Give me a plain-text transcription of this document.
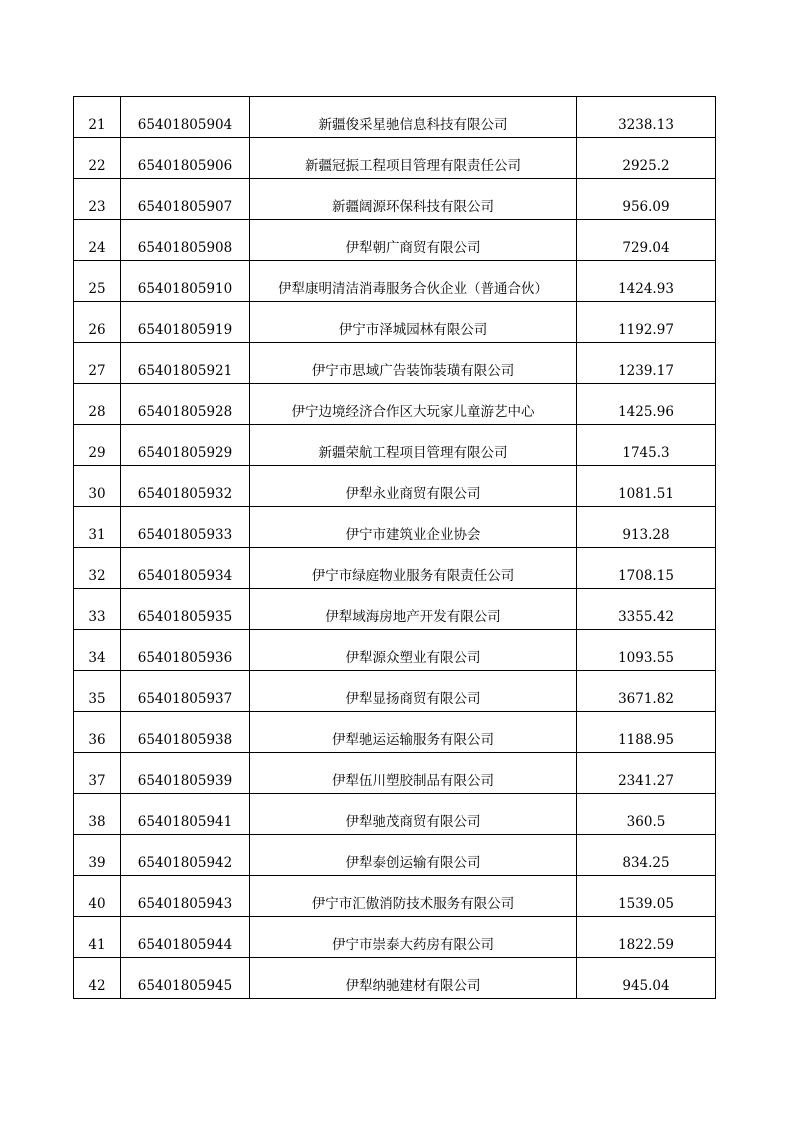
21	65401805904	新疆俊采星驰信息科技有限公司	3238.13
22	65401805906	新疆冠振工程项目管理有限责任公司	2925.2
23	65401805907	新疆阔源环保科技有限公司	956.09
24	65401805908	伊犁朝广商贸有限公司	729.04
25	65401805910	伊犁康明清洁消毒服务合伙企业（普通合伙）	1424.93
26	65401805919	伊宁市泽城园林有限公司	1192.97
27	65401805921	伊宁市思域广告装饰装璜有限公司	1239.17
28	65401805928	伊宁边境经济合作区大玩家儿童游艺中心	1425.96
29	65401805929	新疆荣航工程项目管理有限公司	1745.3
30	65401805932	伊犁永业商贸有限公司	1081.51
31	65401805933	伊宁市建筑业企业协会	913.28
32	65401805934	伊宁市绿庭物业服务有限责任公司	1708.15
33	65401805935	伊犁域海房地产开发有限公司	3355.42
34	65401805936	伊犁源众塑业有限公司	1093.55
35	65401805937	伊犁显扬商贸有限公司	3671.82
36	65401805938	伊犁驰运运输服务有限公司	1188.95
37	65401805939	伊犁伍川塑胶制品有限公司	2341.27
38	65401805941	伊犁驰茂商贸有限公司	360.5
39	65401805942	伊犁泰创运输有限公司	834.25
40	65401805943	伊宁市汇傲消防技术服务有限公司	1539.05
41	65401805944	伊宁市崇泰大药房有限公司	1822.59
42	65401805945	伊犁纳驰建材有限公司	945.04
